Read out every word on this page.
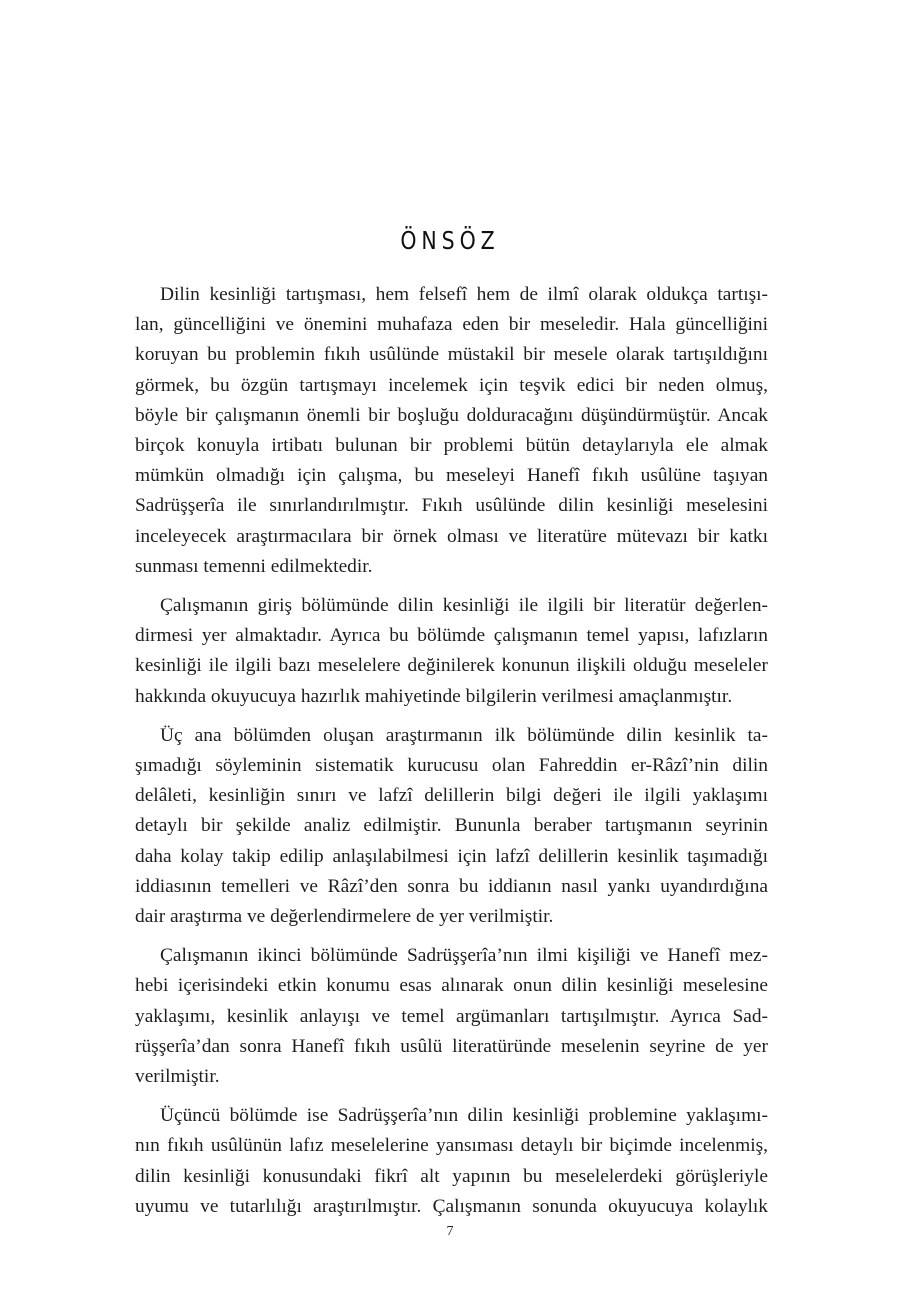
ÖNSÖZ

Dilin kesinliği tartışması, hem felsefî hem de ilmî olarak oldukça tartışı-
lan, güncelliğini ve önemini muhafaza eden bir meseledir. Hala güncelliğini
koruyan bu problemin fıkıh usûlünde müstakil bir mesele olarak tartışıldığını
görmek, bu özgün tartışmayı incelemek için teşvik edici bir neden olmuş,
böyle bir çalışmanın önemli bir boşluğu dolduracağını düşündürmüştür. Ancak
birçok konuyla irtibatı bulunan bir problemi bütün detaylarıyla ele almak
mümkün olmadığı için çalışma, bu meseleyi Hanefî fıkıh usûlüne taşıyan
Sadrüşşerîa ile sınırlandırılmıştır. Fıkıh usûlünde dilin kesinliği meselesini
inceleyecek araştırmacılara bir örnek olması ve literatüre mütevazı bir katkı
sunması temenni edilmektedir.

Çalışmanın giriş bölümünde dilin kesinliği ile ilgili bir literatür değerlen-
dirmesi yer almaktadır. Ayrıca bu bölümde çalışmanın temel yapısı, lafızların
kesinliği ile ilgili bazı meselelere değinilerek konunun ilişkili olduğu meseleler
hakkında okuyucuya hazırlık mahiyetinde bilgilerin verilmesi amaçlanmıştır.

Üç ana bölümden oluşan araştırmanın ilk bölümünde dilin kesinlik ta-
şımadığı söyleminin sistematik kurucusu olan Fahreddin er-Râzî’nin dilin
delâleti, kesinliğin sınırı ve lafzî delillerin bilgi değeri ile ilgili yaklaşımı
detaylı bir şekilde analiz edilmiştir. Bununla beraber tartışmanın seyrinin
daha kolay takip edilip anlaşılabilmesi için lafzî delillerin kesinlik taşımadığı
iddiasının temelleri ve Râzî’den sonra bu iddianın nasıl yankı uyandırdığına
dair araştırma ve değerlendirmelere de yer verilmiştir.

Çalışmanın ikinci bölümünde Sadrüşşerîa’nın ilmi kişiliği ve Hanefî mez-
hebi içerisindeki etkin konumu esas alınarak onun dilin kesinliği meselesine
yaklaşımı, kesinlik anlayışı ve temel argümanları tartışılmıştır. Ayrıca Sad-
rüşşerîa’dan sonra Hanefî fıkıh usûlü literatüründe meselenin seyrine de yer
verilmiştir.

Üçüncü bölümde ise Sadrüşşerîa’nın dilin kesinliği problemine yaklaşımı-
nın fıkıh usûlünün lafız meselelerine yansıması detaylı bir biçimde incelenmiş,
dilin kesinliği konusundaki fikrî alt yapının bu meselelerdeki görüşleriyle
uyumu ve tutarlılığı araştırılmıştır. Çalışmanın sonunda okuyucuya kolaylık

7
